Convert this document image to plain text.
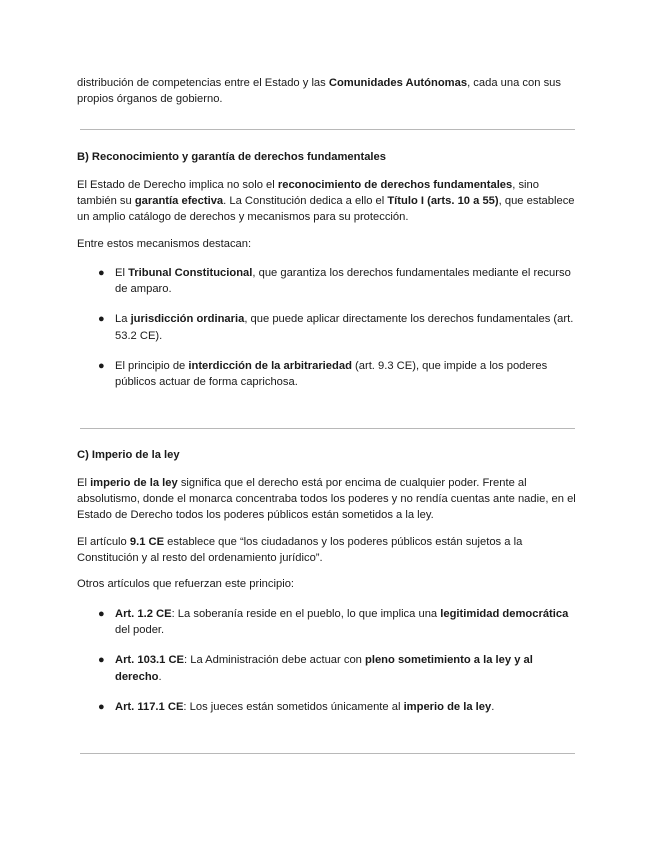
distribución de competencias entre el Estado y las Comunidades Autónomas, cada una con sus propios órganos de gobierno.

B) Reconocimiento y garantía de derechos fundamentales

El Estado de Derecho implica no solo el reconocimiento de derechos fundamentales, sino también su garantía efectiva. La Constitución dedica a ello el Título I (arts. 10 a 55), que establece un amplio catálogo de derechos y mecanismos para su protección.

Entre estos mecanismos destacan:

● El Tribunal Constitucional, que garantiza los derechos fundamentales mediante el recurso de amparo.
● La jurisdicción ordinaria, que puede aplicar directamente los derechos fundamentales (art. 53.2 CE).
● El principio de interdicción de la arbitrariedad (art. 9.3 CE), que impide a los poderes públicos actuar de forma caprichosa.

C) Imperio de la ley

El imperio de la ley significa que el derecho está por encima de cualquier poder. Frente al absolutismo, donde el monarca concentraba todos los poderes y no rendía cuentas ante nadie, en el Estado de Derecho todos los poderes públicos están sometidos a la ley.

El artículo 9.1 CE establece que “los ciudadanos y los poderes públicos están sujetos a la Constitución y al resto del ordenamiento jurídico”.

Otros artículos que refuerzan este principio:

● Art. 1.2 CE: La soberanía reside en el pueblo, lo que implica una legitimidad democrática del poder.
● Art. 103.1 CE: La Administración debe actuar con pleno sometimiento a la ley y al derecho.
● Art. 117.1 CE: Los jueces están sometidos únicamente al imperio de la ley.
